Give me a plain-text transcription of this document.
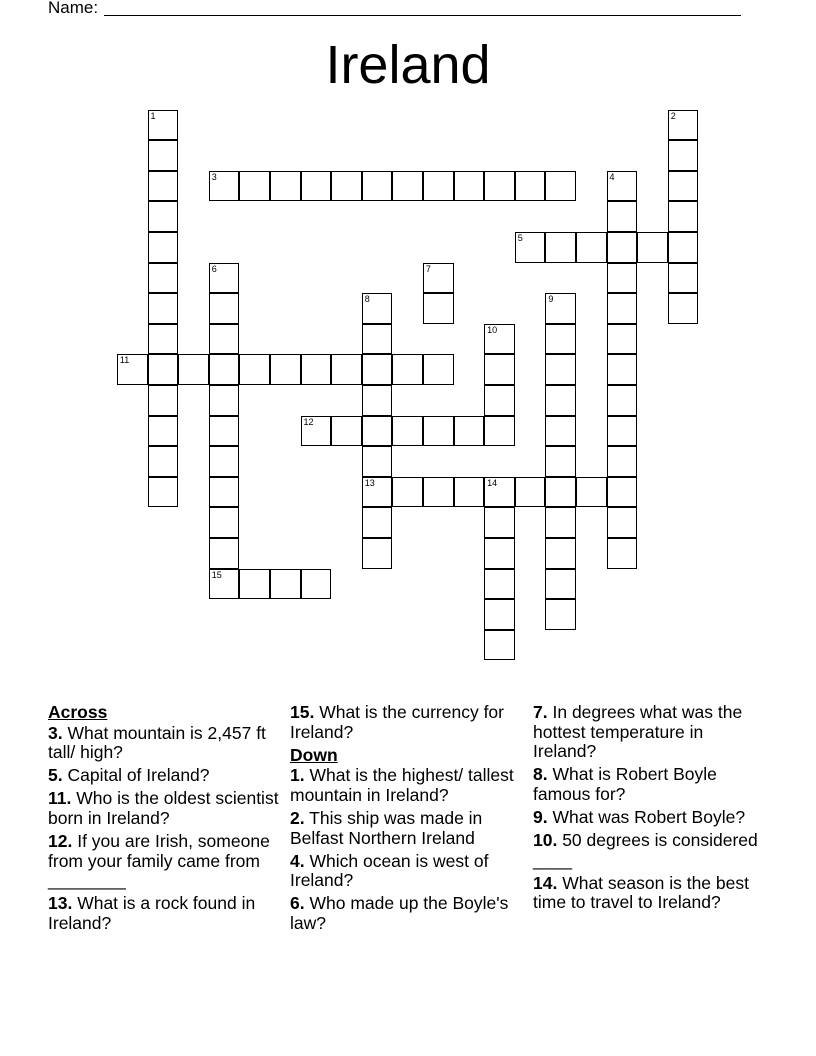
Name:
Ireland
1	2
3	4
5
6
15
7
8
13
9
10
11
12
14
Across
3. What mountain is 2,457 ft tall/ high?
5. Capital of Ireland?
11. Who is the oldest scientist born in Ireland?
12. If you are Irish, someone from your family came from ________
13. What is a rock found in Ireland?
15. What is the currency for Ireland?
Down
1. What is the highest/ tallest mountain in Ireland?
2. This ship was made in Belfast Northern Ireland
4. Which ocean is west of Ireland?
6. Who made up the Boyle's law?
7. In degrees what was the hottest temperature in Ireland?
8. What is Robert Boyle famous for?
9. What was Robert Boyle?
10. 50 degrees is considered ____
14. What season is the best time to travel to Ireland?
